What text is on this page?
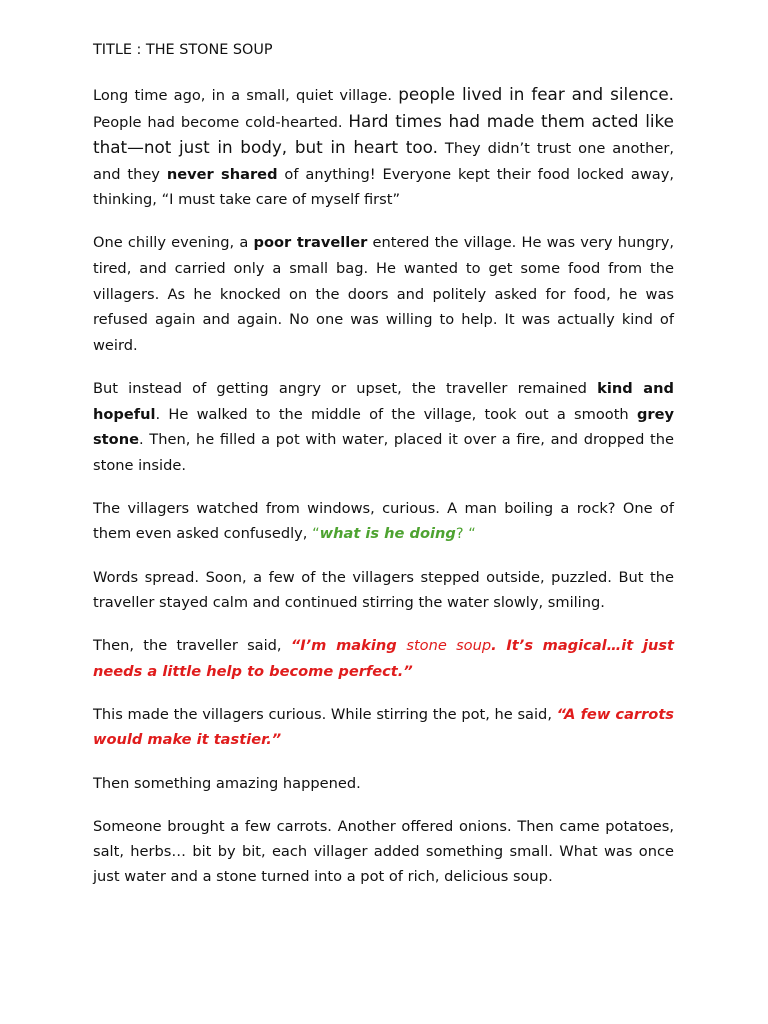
TITLE : THE STONE SOUP

Long time ago, in a small, quiet village. people lived in fear and silence. People had become cold-hearted. Hard times had made them acted like that—not just in body, but in heart too. They didn’t trust one another, and they never shared of anything! Everyone kept their food locked away, thinking, “I must take care of myself first”

One chilly evening, a poor traveller entered the village. He was very hungry, tired, and carried only a small bag. He wanted to get some food from the villagers. As he knocked on the doors and politely asked for food, he was refused again and again. No one was willing to help. It was actually kind of weird.

But instead of getting angry or upset, the traveller remained kind and hopeful. He walked to the middle of the village, took out a smooth grey stone. Then, he filled a pot with water, placed it over a fire, and dropped the stone inside.

The villagers watched from windows, curious. A man boiling a rock? One of them even asked confusedly, “what is he doing? “

Words spread. Soon, a few of the villagers stepped outside, puzzled. But the traveller stayed calm and continued stirring the water slowly, smiling.

Then, the traveller said, “I’m making stone soup. It’s magical…it just needs a little help to become perfect.”

This made the villagers curious. While stirring the pot, he said, “A few carrots would make it tastier.”

Then something amazing happened.

Someone brought a few carrots. Another offered onions. Then came potatoes, salt, herbs… bit by bit, each villager added something small. What was once just water and a stone turned into a pot of rich, delicious soup.
